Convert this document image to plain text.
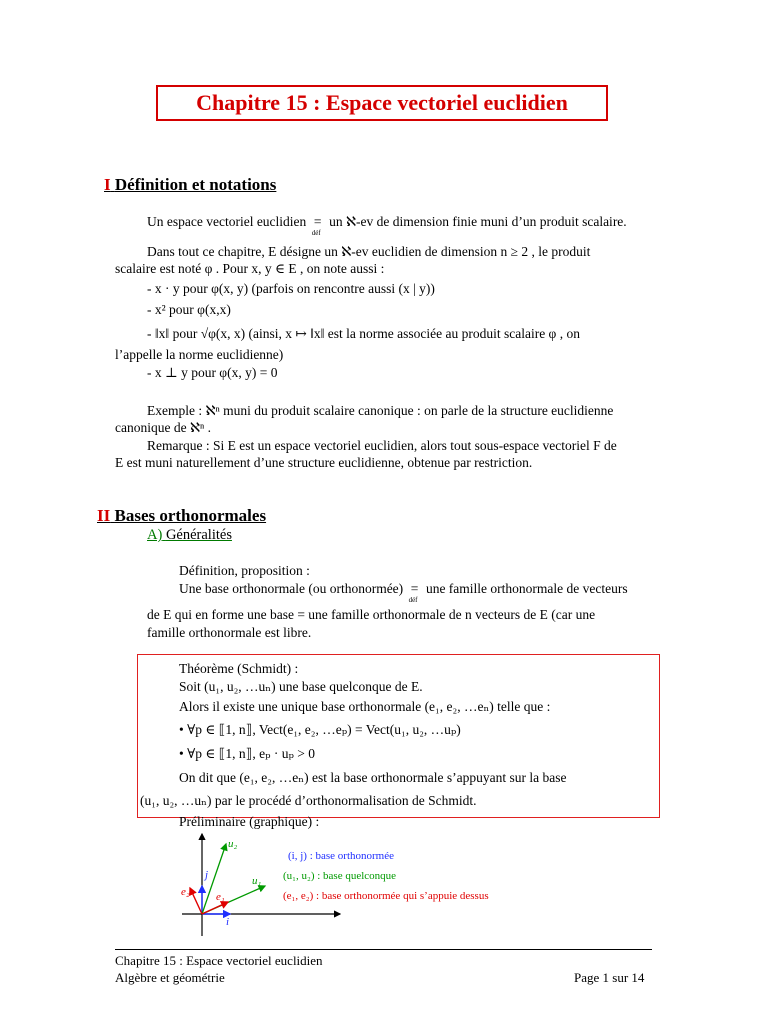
Chapitre 15 : Espace vectoriel euclidien
I Définition et notations
Un espace vectoriel euclidien =
déf
un ℵ-ev de dimension finie muni d’un produit scalaire.
Dans tout ce chapitre, E désigne un ℵ-ev euclidien de dimension n ≥ 2 , le produit
scalaire est noté φ . Pour x, y ∈ E , on note aussi :
- x · y pour φ(x, y) (parfois on rencontre aussi (x | y))
- x² pour φ(x,x)
- ‖x‖ pour √φ(x, x) (ainsi, x ↦ ‖x‖ est la norme associée au produit scalaire φ , on
l’appelle la norme euclidienne)
- x ⊥ y pour φ(x, y) = 0
Exemple : ℵⁿ muni du produit scalaire canonique : on parle de la structure euclidienne
canonique de ℵⁿ .
Remarque : Si E est un espace vectoriel euclidien, alors tout sous-espace vectoriel F de
E est muni naturellement d’une structure euclidienne, obtenue par restriction.
II Bases orthonormales
A) Généralités
Définition, proposition :
Une base orthonormale (ou orthonormée) =
déf
une famille orthonormale de vecteurs
de E qui en forme une base = une famille orthonormale de n vecteurs de E (car une
famille orthonormale est libre.
Théorème (Schmidt) :
Soit (u₁, u₂, …uₙ) une base quelconque de E.
Alors il existe une unique base orthonormale (e₁, e₂, …eₙ) telle que :
• ∀p ∈ ⟦1, n⟧, Vect(e₁, e₂, …eₚ) = Vect(u₁, u₂, …uₚ)
• ∀p ∈ ⟦1, n⟧, eₚ · uₚ > 0
On dit que (e₁, e₂, …eₙ) est la base orthonormale s’appuyant sur la base
(u₁, u₂, …uₙ) par le procédé d’orthonormalisation de Schmidt.
Préliminaire (graphique) :
u₂
u₁
j
i
e₁
e₂
(i, j) : base orthonormée
(u₁, u₂) : base quelconque
(e₁, e₂) : base orthonormée qui s’appuie dessus
Chapitre 15 : Espace vectoriel euclidien
Algèbre et géométrie	Page 1 sur 14
